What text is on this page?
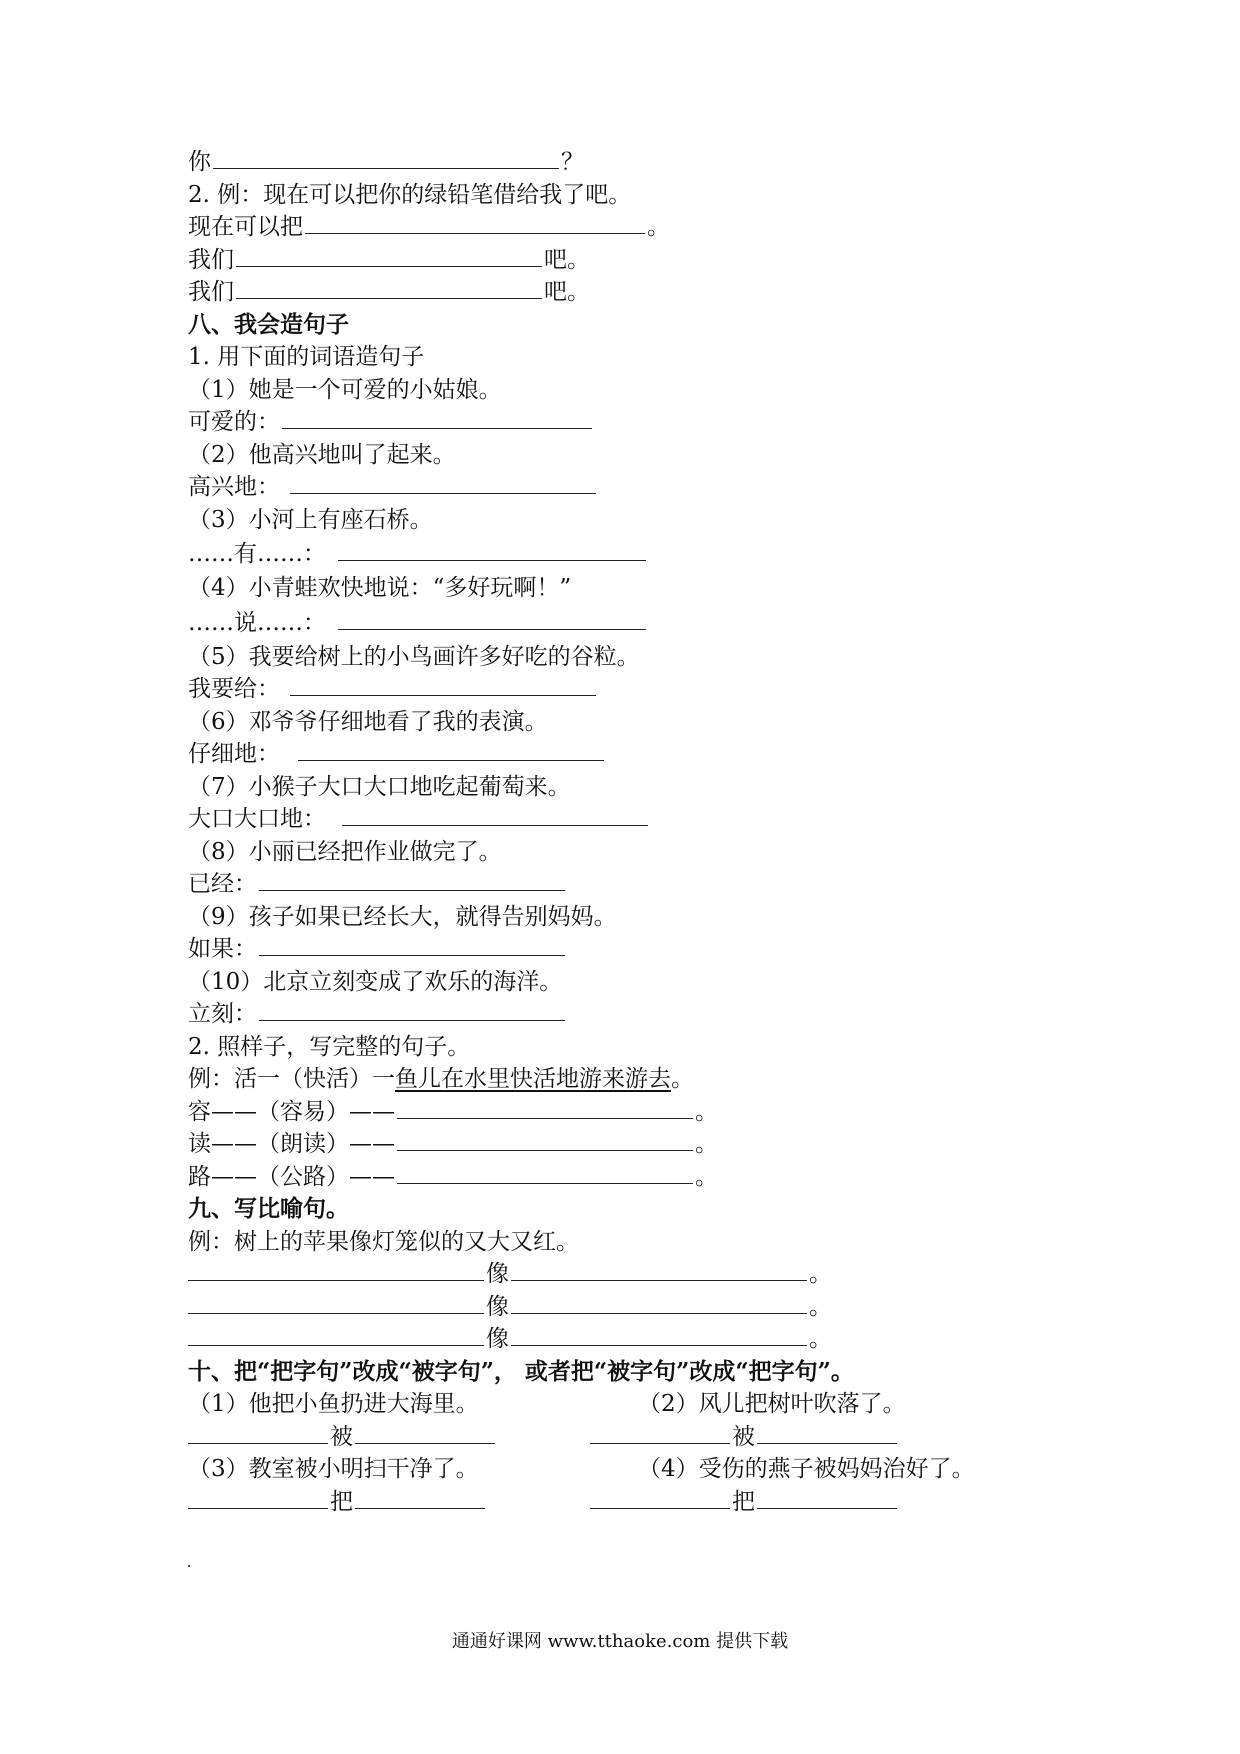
你	？
2. 例：现在可以把你的绿铅笔借给我了吧。
现在可以把	。
我们	吧。
我们	吧。
八、我会造句子
1. 用下面的词语造句子
（1）她是一个可爱的小姑娘。
可爱的：
（2）他高兴地叫了起来。
高兴地：
（3）小河上有座石桥。
……有……：
（4）小青蛙欢快地说：“多好玩啊！”
……说……：
（5）我要给树上的小鸟画许多好吃的谷粒。
我要给：
（6）邓爷爷仔细地看了我的表演。
仔细地：
（7）小猴子大口大口地吃起葡萄来。
大口大口地：
（8）小丽已经把作业做完了。
已经：
（9）孩子如果已经长大，就得告别妈妈。
如果：
（10）北京立刻变成了欢乐的海洋。
立刻：
2. 照样子，写完整的句子。
例：活一（快活）一鱼儿在水里快活地游来游去。
容——（容易）——	。
读——（朗读）——	。
路——（公路）——	。
九、写比喻句。
例：树上的苹果像灯笼似的又大又红。
像	。
像	。
像	。
十、把“把字句”改成“被字句”， 或者把“被字句”改成“把字句”。
（1）他把小鱼扔进大海里。	（2）风儿把树叶吹落了。
被	被
（3）教室被小明扫干净了。	（4）受伤的燕子被妈妈治好了。
把	把
通通好课网 www.tthaoke.com 提供下载
